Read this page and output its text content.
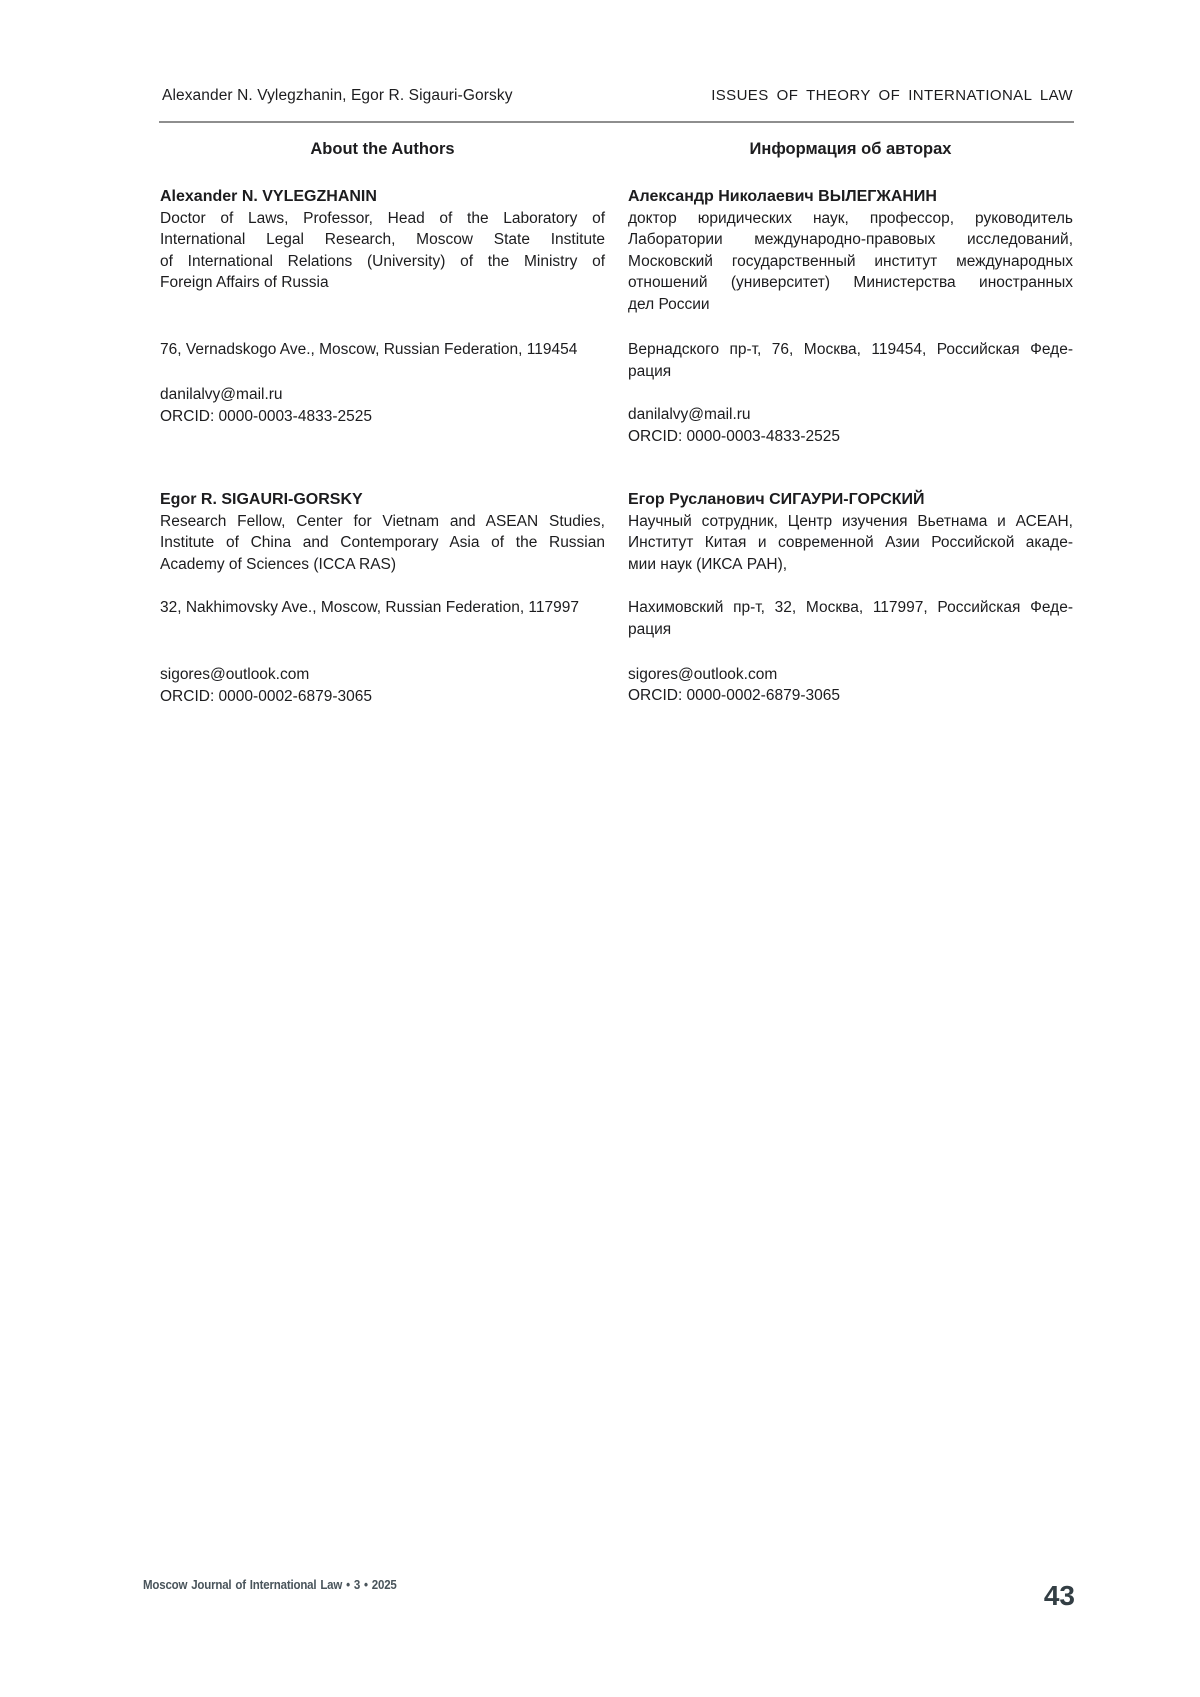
Alexander N. Vylegzhanin, Egor R. Sigauri-Gorsky	ISSUES OF THEORY OF INTERNATIONAL LAW
About the Authors
Alexander N. VYLEGZHANIN
Doctor of Laws, Professor, Head of the Laboratory of
International Legal Research, Moscow State Institute
of International Relations (University) of the Ministry of
Foreign Affairs of Russia
76, Vernadskogo Ave., Moscow, Russian Federation, 119454
danilalvy@mail.ru
ORCID: 0000-0003-4833-2525
Egor R. SIGAURI-GORSKY
Research Fellow, Center for Vietnam and ASEAN Studies,
Institute of China and Contemporary Asia of the Russian
Academy of Sciences (ICCA RAS)
32, Nakhimovsky Ave., Moscow, Russian Federation, 117997
sigores@outlook.com
ORCID: 0000-0002-6879-3065
Информация об авторах
Александр Николаевич ВЫЛЕГЖАНИН
доктор юридических наук, профессор, руководитель
Лаборатории международно-правовых исследований,
Московский государственный институт международных
отношений (университет) Министерства иностранных
дел России
Вернадского пр-т, 76, Москва, 119454, Российская Феде-
рация
danilalvy@mail.ru
ORCID: 0000-0003-4833-2525
Егор Русланович СИГАУРИ-ГОРСКИЙ
Научный сотрудник, Центр изучения Вьетнама и АСЕАН,
Институт Китая и современной Азии Российской акаде-
мии наук (ИКСА РАН),
Нахимовский пр-т, 32, Москва, 117997, Российская Феде-
рация
sigores@outlook.com
ORCID: 0000-0002-6879-3065
Moscow Journal of International Law • 3 • 2025	43
